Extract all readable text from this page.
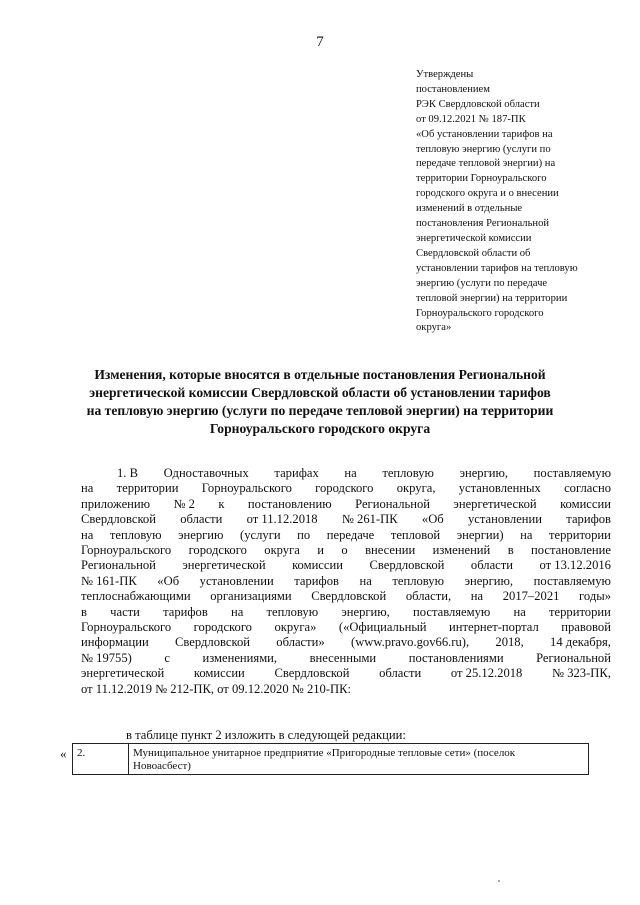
7
Утверждены
постановлением
РЭК Свердловской области
от 09.12.2021 № 187-ПК
«Об установлении тарифов на
тепловую энергию (услуги по
передаче тепловой энергии) на
территории Горноуральского
городского округа и о внесении
изменений в отдельные
постановления Региональной
энергетической комиссии
Свердловской области об
установлении тарифов на тепловую
энергию (услуги по передаче
тепловой энергии) на территории
Горноуральского городского
округа»
Изменения, которые вносятся в отдельные постановления Региональной
энергетической комиссии Свердловской области об установлении тарифов
на тепловую энергию (услуги по передаче тепловой энергии) на территории
Горноуральского городского округа
1. В Одноставочных тарифах на тепловую энергию, поставляемую
на территории Горноуральского городского округа, установленных согласно
приложению № 2 к постановлению Региональной энергетической комиссии
Свердловской области от 11.12.2018 № 261-ПК «Об установлении тарифов
на тепловую энергию (услуги по передаче тепловой энергии) на территории
Горноуральского городского округа и о внесении изменений в постановление
Региональной энергетической комиссии Свердловской области от 13.12.2016
№ 161-ПК «Об установлении тарифов на тепловую энергию, поставляемую
теплоснабжающими организациями Свердловской области, на 2017–2021 годы»
в части тарифов на тепловую энергию, поставляемую на территории
Горноуральского городского округа» («Официальный интернет-портал правовой
информации Свердловской области» (www.pravo.gov66.ru), 2018, 14 декабря,
№ 19755)	с	изменениями,	внесенными	постановлениями	Региональной
энергетической комиссии Свердловской области от 25.12.2018 № 323-ПК,
от 11.12.2019 № 212-ПК, от 09.12.2020 № 210-ПК:
в таблице пункт 2 изложить в следующей редакции:
« 2.	Муниципальное унитарное предприятие «Пригородные тепловые сети» (поселок
Новоасбест)
